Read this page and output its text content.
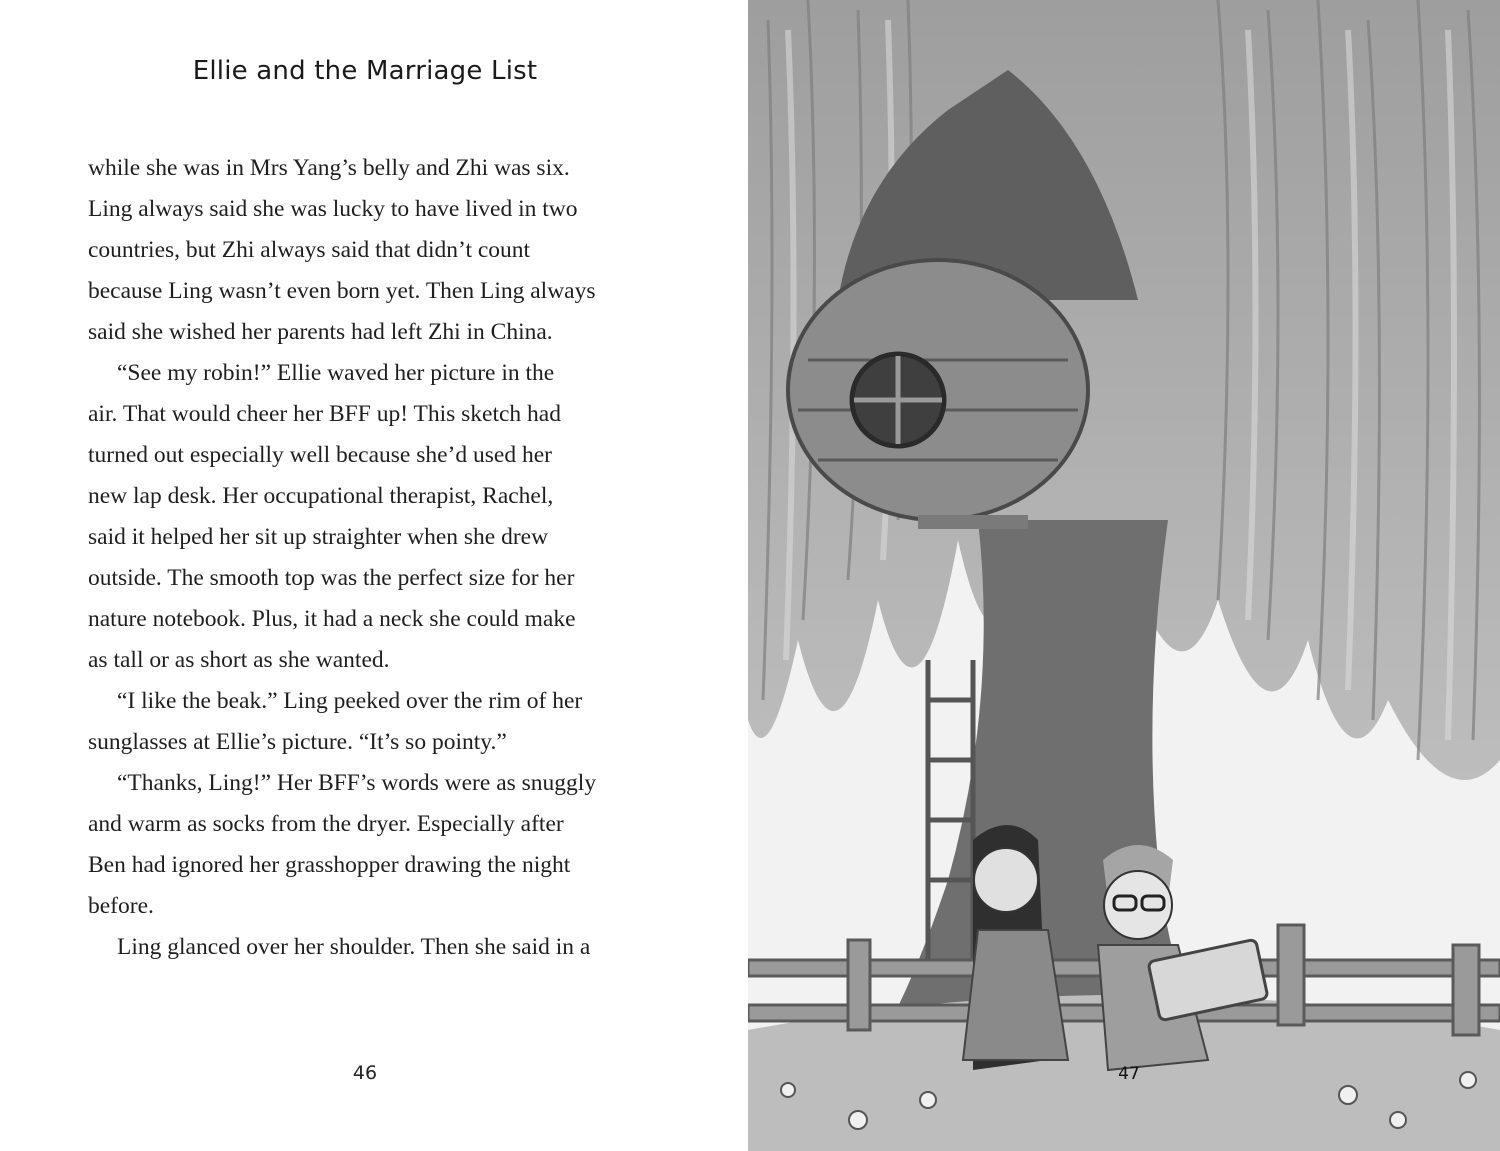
Ellie and the Marriage List
while she was in Mrs Yang’s belly and Zhi was six.
Ling always said she was lucky to have lived in two
countries, but Zhi always said that didn’t count
because Ling wasn’t even born yet. Then Ling always
said she wished her parents had left Zhi in China.
“See my robin!” Ellie waved her picture in the
air. That would cheer her BFF up! This sketch had
turned out especially well because she’d used her
new lap desk. Her occupational therapist, Rachel,
said it helped her sit up straighter when she drew
outside. The smooth top was the perfect size for her
nature notebook. Plus, it had a neck she could make
as tall or as short as she wanted.
“I like the beak.” Ling peeked over the rim of her
sunglasses at Ellie’s picture. “It’s so pointy.”
“Thanks, Ling!” Her BFF’s words were as snuggly
and warm as socks from the dryer. Especially after
Ben had ignored her grasshopper drawing the night
before.
Ling glanced over her shoulder. Then she said in a
46	47
